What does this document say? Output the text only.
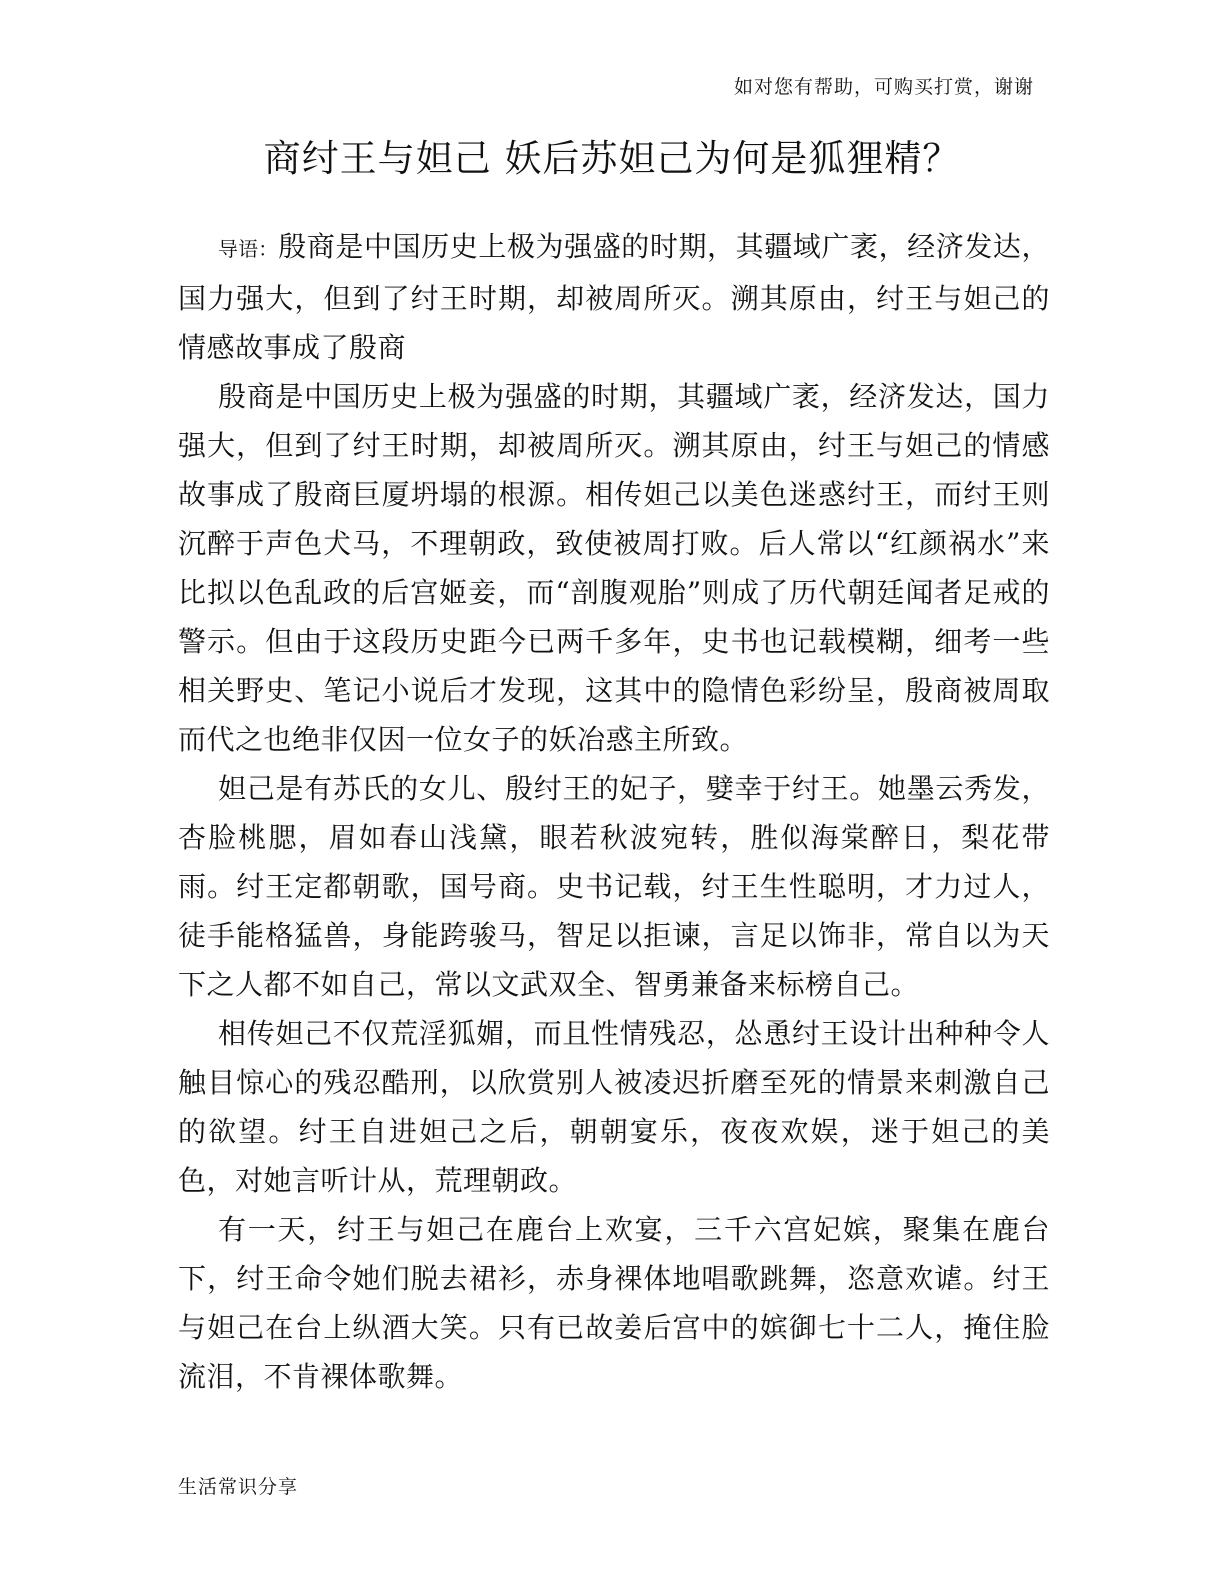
如对您有帮助，可购买打赏，谢谢
商纣王与妲己 妖后苏妲己为何是狐狸精？

导语：殷商是中国历史上极为强盛的时期，其疆域广袤，经济发达，国力强大，但到了纣王时期，却被周所灭。溯其原由，纣王与妲己的情感故事成了殷商

殷商是中国历史上极为强盛的时期，其疆域广袤，经济发达，国力强大，但到了纣王时期，却被周所灭。溯其原由，纣王与妲己的情感故事成了殷商巨厦坍塌的根源。相传妲己以美色迷惑纣王，而纣王则沉醉于声色犬马，不理朝政，致使被周打败。后人常以“红颜祸水”来比拟以色乱政的后宫姬妾，而“剖腹观胎”则成了历代朝廷闻者足戒的警示。但由于这段历史距今已两千多年，史书也记载模糊，细考一些相关野史、笔记小说后才发现，这其中的隐情色彩纷呈，殷商被周取而代之也绝非仅因一位女子的妖冶惑主所致。

妲己是有苏氏的女儿、殷纣王的妃子，嬖幸于纣王。她墨云秀发，杏脸桃腮，眉如春山浅黛，眼若秋波宛转，胜似海棠醉日，梨花带雨。纣王定都朝歌，国号商。史书记载，纣王生性聪明，才力过人，徒手能格猛兽，身能跨骏马，智足以拒谏，言足以饰非，常自以为天下之人都不如自己，常以文武双全、智勇兼备来标榜自己。

相传妲己不仅荒淫狐媚，而且性情残忍，怂恿纣王设计出种种令人触目惊心的残忍酷刑，以欣赏别人被凌迟折磨至死的情景来刺激自己的欲望。纣王自进妲己之后，朝朝宴乐，夜夜欢娱，迷于妲己的美色，对她言听计从，荒理朝政。

有一天，纣王与妲己在鹿台上欢宴，三千六宫妃嫔，聚集在鹿台下，纣王命令她们脱去裙衫，赤身裸体地唱歌跳舞，恣意欢谑。纣王与妲己在台上纵酒大笑。只有已故姜后宫中的嫔御七十二人，掩住脸流泪，不肯裸体歌舞。

生活常识分享
